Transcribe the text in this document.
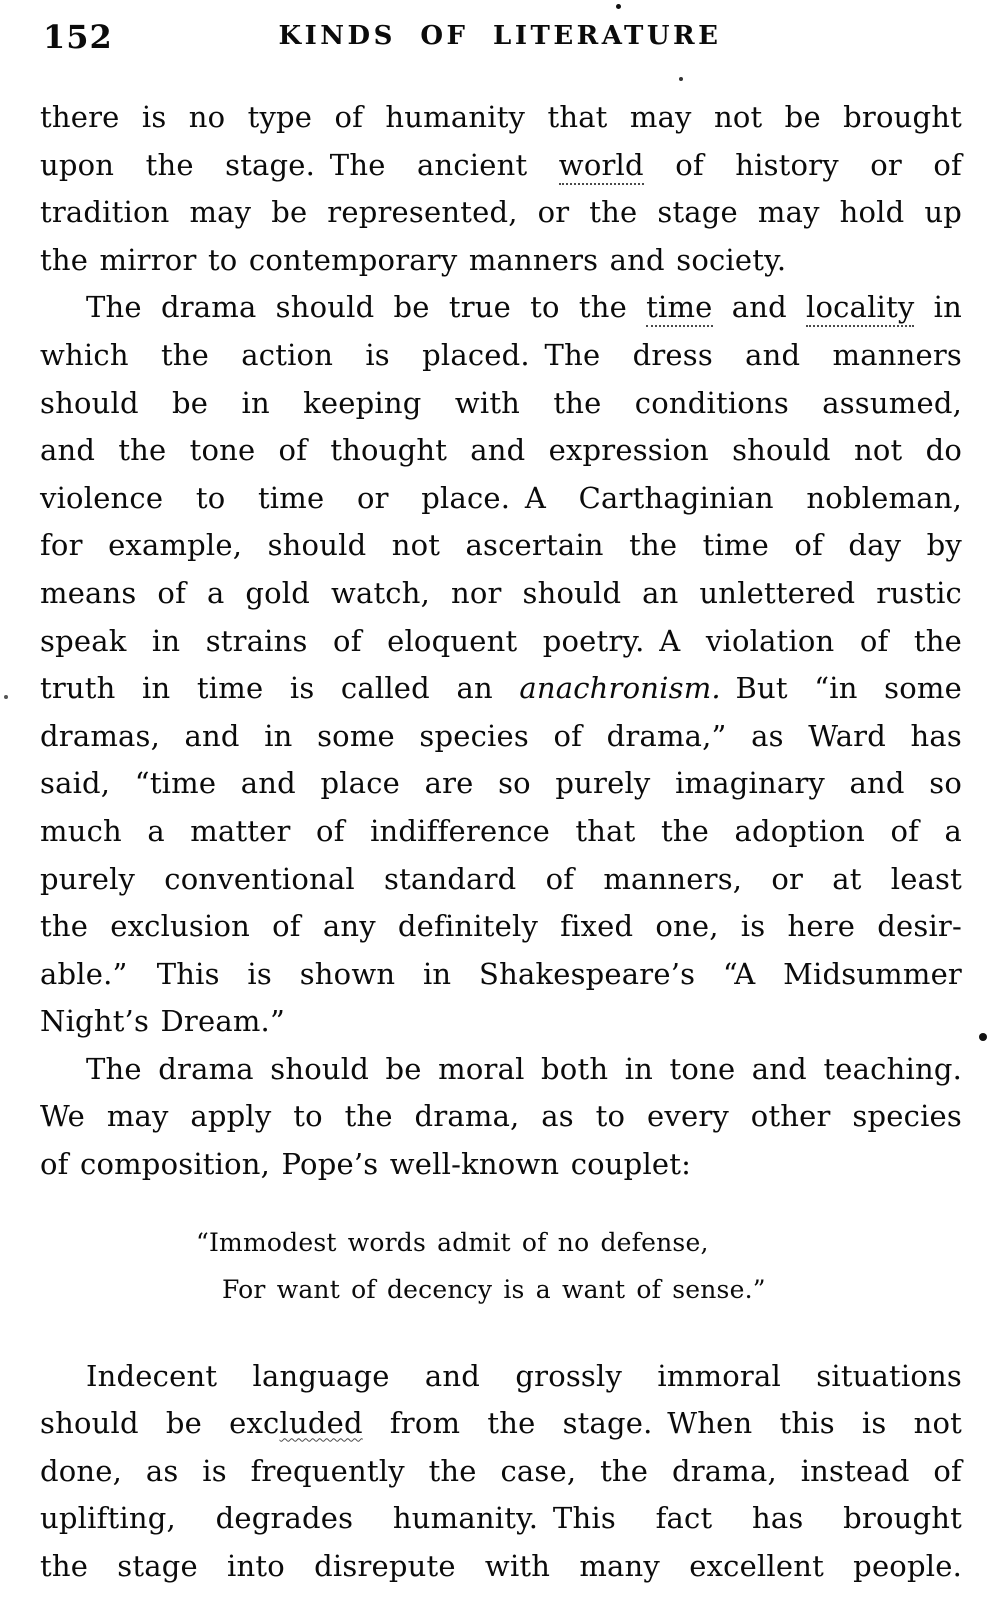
152	KINDS OF LITERATURE
there is no type of humanity that may not be brought
upon the stage. The ancient world of history or of
tradition may be represented, or the stage may hold up
the mirror to contemporary manners and society.
The drama should be true to the time and locality in
which the action is placed. The dress and manners
should be in keeping with the conditions assumed,
and the tone of thought and expression should not do
violence to time or place. A Carthaginian nobleman,
for example, should not ascertain the time of day by
means of a gold watch, nor should an unlettered rustic
speak in strains of eloquent poetry. A violation of the
truth in time is called an anachronism. But “in some
dramas, and in some species of drama,” as Ward has
said, “time and place are so purely imaginary and so
much a matter of indifference that the adoption of a
purely conventional standard of manners, or at least
the exclusion of any definitely fixed one, is here desir-
able.” This is shown in Shakespeare’s “A Midsummer
Night’s Dream.”
The drama should be moral both in tone and teaching.
We may apply to the drama, as to every other species
of composition, Pope’s well-known couplet:
“Immodest words admit of no defense,
For want of decency is a want of sense.”
Indecent language and grossly immoral situations
should be excluded from the stage. When this is not
done, as is frequently the case, the drama, instead of
uplifting, degrades humanity. This fact has brought
the stage into disrepute with many excellent people.
